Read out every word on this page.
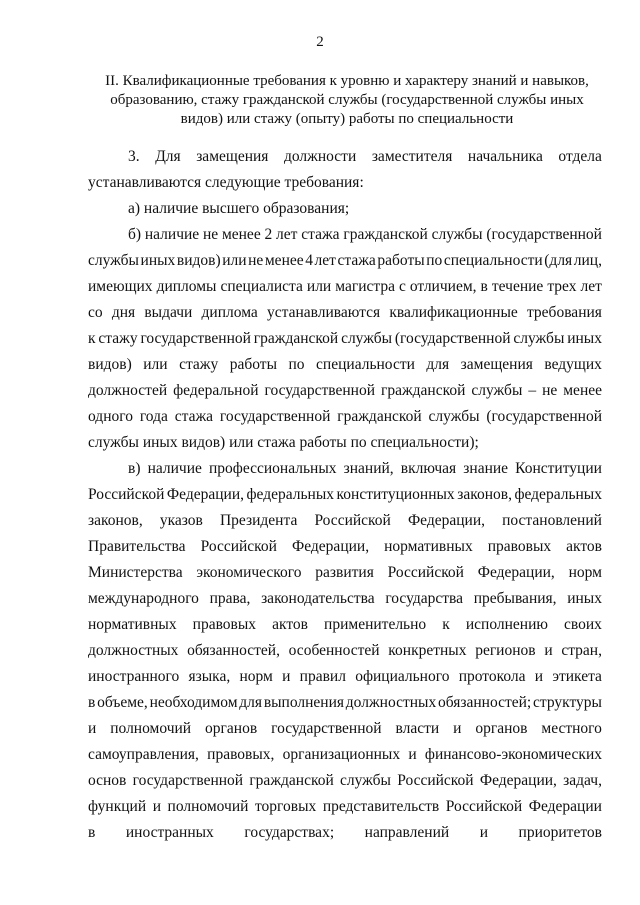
2
II. Квалификационные требования к уровню и характеру знаний и навыков,
образованию, стажу гражданской службы (государственной службы иных
видов) или стажу (опыту) работы по специальности
3. Для замещения должности заместителя начальника отдела
устанавливаются следующие требования:
а) наличие высшего образования;
б) наличие не менее 2 лет стажа гражданской службы (государственной
службы иных видов) или не менее 4 лет стажа работы по специальности (для лиц,
имеющих дипломы специалиста или магистра с отличием, в течение трех лет
со дня выдачи диплома устанавливаются квалификационные требования
к стажу государственной гражданской службы (государственной службы иных
видов) или стажу работы по специальности для замещения ведущих
должностей федеральной государственной гражданской службы – не менее
одного года стажа государственной гражданской службы (государственной
службы иных видов) или стажа работы по специальности);
в) наличие профессиональных знаний, включая знание Конституции
Российской Федерации, федеральных конституционных законов, федеральных
законов, указов Президента Российской Федерации, постановлений
Правительства Российской Федерации, нормативных правовых актов
Министерства экономического развития Российской Федерации, норм
международного права, законодательства государства пребывания, иных
нормативных правовых актов применительно к исполнению своих
должностных обязанностей, особенностей конкретных регионов и стран,
иностранного языка, норм и правил официального протокола и этикета
в объеме, необходимом для выполнения должностных обязанностей; структуры
и полномочий органов государственной власти и органов местного
самоуправления, правовых, организационных и финансово-экономических
основ государственной гражданской службы Российской Федерации, задач,
функций и полномочий торговых представительств Российской Федерации
в иностранных государствах; направлений и приоритетов
